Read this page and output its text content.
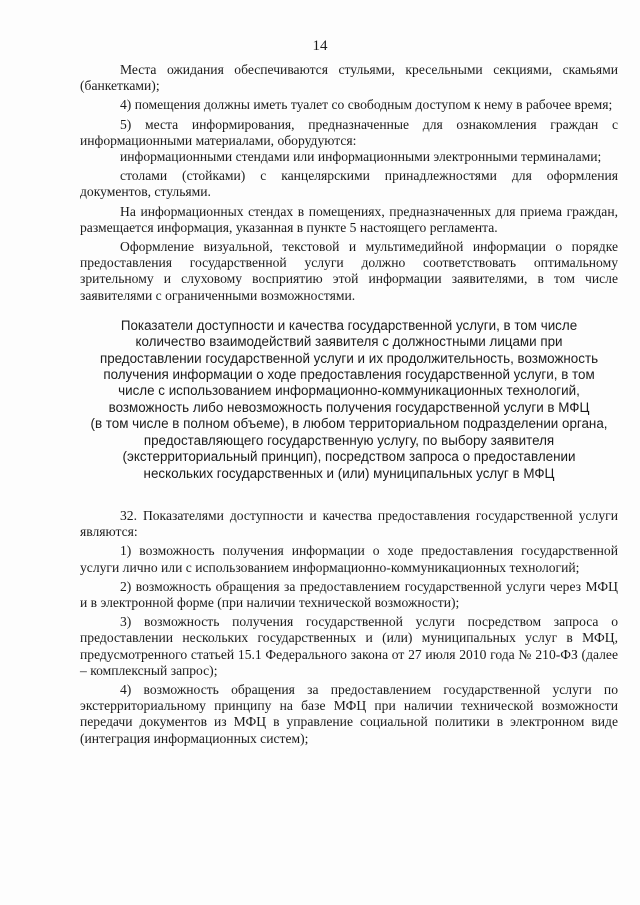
14

Места ожидания обеспечиваются стульями, кресельными секциями, скамьями (банкетками);

4) помещения должны иметь туалет со свободным доступом к нему в рабочее время;

5) места информирования, предназначенные для ознакомления граждан с информационными материалами, оборудуются:

информационными стендами или информационными электронными терминалами;

столами (стойками) с канцелярскими принадлежностями для оформления документов, стульями.

На информационных стендах в помещениях, предназначенных для приема граждан, размещается информация, указанная в пункте 5 настоящего регламента.

Оформление визуальной, текстовой и мультимедийной информации о порядке предоставления государственной услуги должно соответствовать оптимальному зрительному и слуховому восприятию этой информации заявителями, в том числе заявителями с ограниченными возможностями.

Показатели доступности и качества государственной услуги, в том числе
количество взаимодействий заявителя с должностными лицами при
предоставлении государственной услуги и их продолжительность, возможность
получения информации о ходе предоставления государственной услуги, в том
числе с использованием информационно-коммуникационных технологий,
возможность либо невозможность получения государственной услуги в МФЦ
(в том числе в полном объеме), в любом территориальном подразделении органа,
предоставляющего государственную услугу, по выбору заявителя
(экстерриториальный принцип), посредством запроса о предоставлении
нескольких государственных и (или) муниципальных услуг в МФЦ

32. Показателями доступности и качества предоставления государственной услуги являются:

1) возможность получения информации о ходе предоставления государственной услуги лично или с использованием информационно-коммуникационных технологий;

2) возможность обращения за предоставлением государственной услуги через МФЦ и в электронной форме (при наличии технической возможности);

3) возможность получения государственной услуги посредством запроса о предоставлении нескольких государственных и (или) муниципальных услуг в МФЦ, предусмотренного статьей 15.1 Федерального закона от 27 июля 2010 года № 210-ФЗ (далее – комплексный запрос);

4) возможность обращения за предоставлением государственной услуги по экстерриториальному принципу на базе МФЦ при наличии технической возможности передачи документов из МФЦ в управление социальной политики в электронном виде (интеграция информационных систем);
